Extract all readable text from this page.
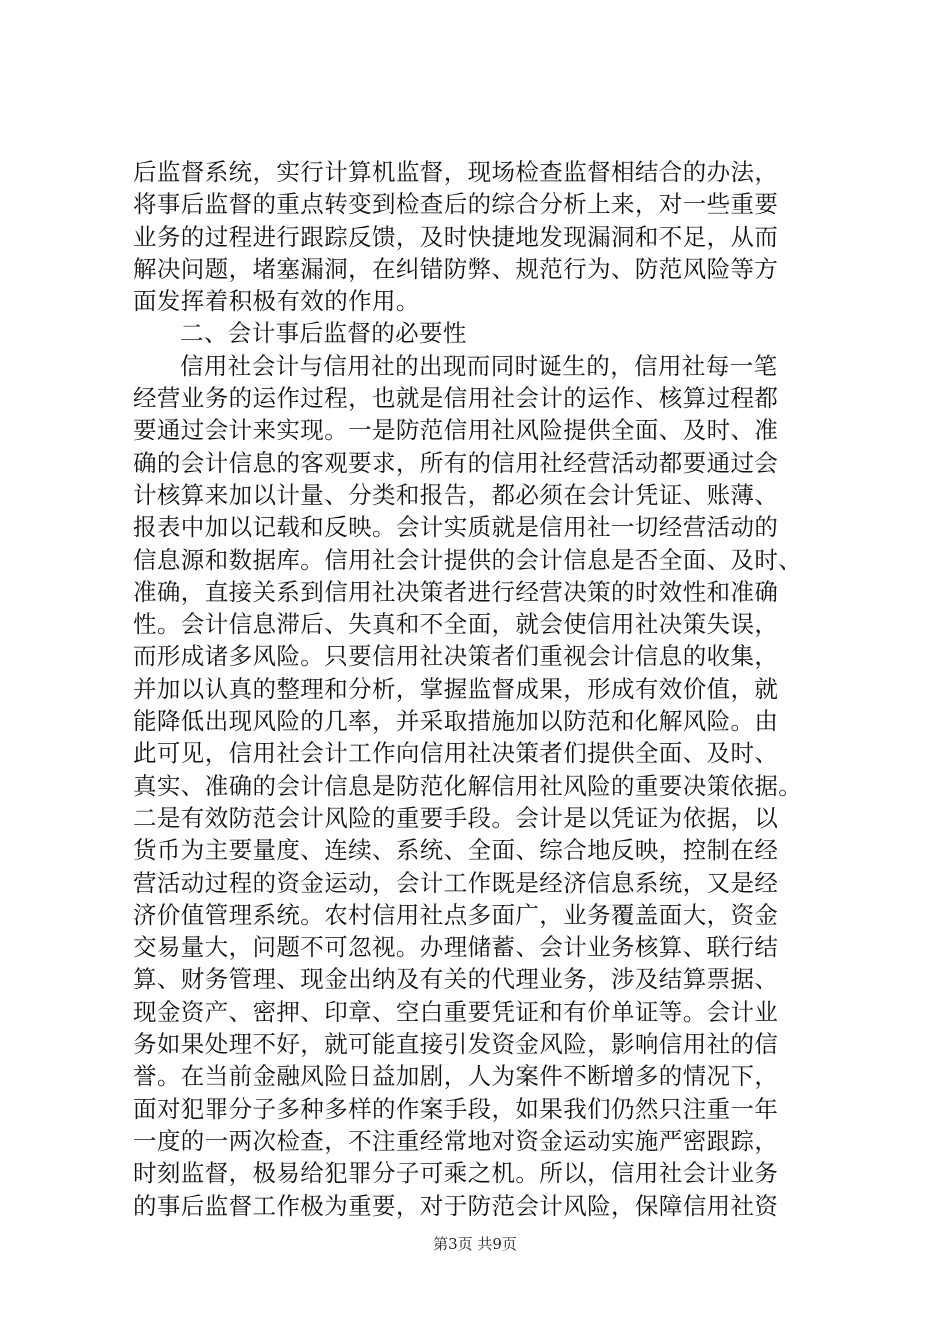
后监督系统，实行计算机监督，现场检查监督相结合的办法，
将事后监督的重点转变到检查后的综合分析上来，对一些重要
业务的过程进行跟踪反馈，及时快捷地发现漏洞和不足，从而
解决问题，堵塞漏洞，在纠错防弊、规范行为、防范风险等方
面发挥着积极有效的作用。
二、会计事后监督的必要性
信用社会计与信用社的出现而同时诞生的，信用社每一笔
经营业务的运作过程，也就是信用社会计的运作、核算过程都
要通过会计来实现。一是防范信用社风险提供全面、及时、准
确的会计信息的客观要求，所有的信用社经营活动都要通过会
计核算来加以计量、分类和报告，都必须在会计凭证、账薄、
报表中加以记载和反映。会计实质就是信用社一切经营活动的
信息源和数据库。信用社会计提供的会计信息是否全面、及时、
准确，直接关系到信用社决策者进行经营决策的时效性和准确
性。会计信息滞后、失真和不全面，就会使信用社决策失误，
而形成诸多风险。只要信用社决策者们重视会计信息的收集，
并加以认真的整理和分析，掌握监督成果，形成有效价值，就
能降低出现风险的几率，并采取措施加以防范和化解风险。由
此可见，信用社会计工作向信用社决策者们提供全面、及时、
真实、准确的会计信息是防范化解信用社风险的重要决策依据。
二是有效防范会计风险的重要手段。会计是以凭证为依据，以
货币为主要量度、连续、系统、全面、综合地反映，控制在经
营活动过程的资金运动，会计工作既是经济信息系统，又是经
济价值管理系统。农村信用社点多面广，业务覆盖面大，资金
交易量大，问题不可忽视。办理储蓄、会计业务核算、联行结
算、财务管理、现金出纳及有关的代理业务，涉及结算票据、
现金资产、密押、印章、空白重要凭证和有价单证等。会计业
务如果处理不好，就可能直接引发资金风险，影响信用社的信
誉。在当前金融风险日益加剧，人为案件不断增多的情况下，
面对犯罪分子多种多样的作案手段，如果我们仍然只注重一年
一度的一两次检查，不注重经常地对资金运动实施严密跟踪，
时刻监督，极易给犯罪分子可乘之机。所以，信用社会计业务
的事后监督工作极为重要，对于防范会计风险，保障信用社资
第3页 共9页
